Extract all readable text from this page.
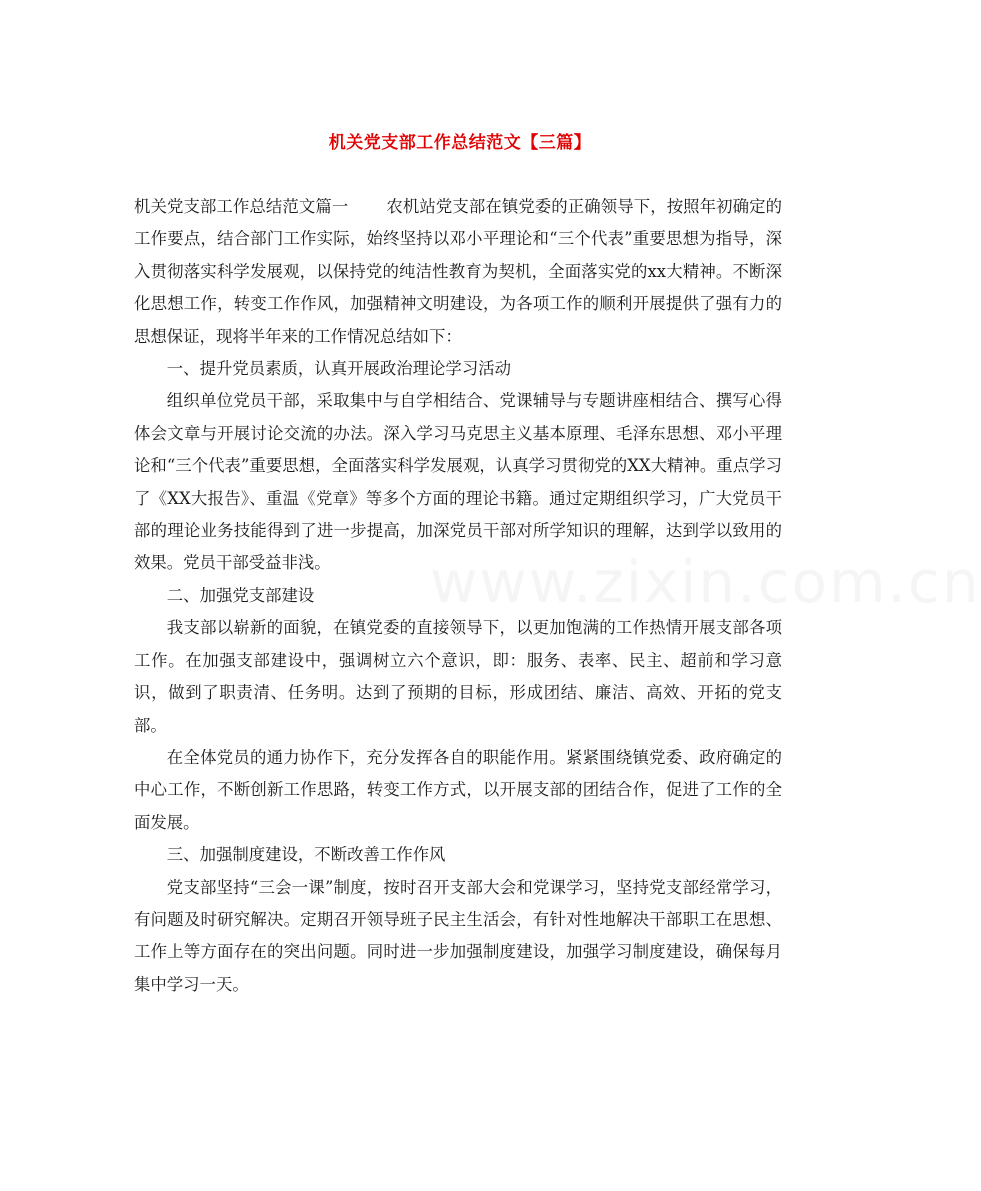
www.zixin.com.cn
机关党支部工作总结范文【三篇】

机关党支部工作总结范文篇一 农机站党支部在镇党委的正确领导下，按照年初确定的工作要点，结合部门工作实际，始终坚持以邓小平理论和“三个代表”重要思想为指导，深入贯彻落实科学发展观，以保持党的纯洁性教育为契机，全面落实党的xx大精神。不断深化思想工作，转变工作作风，加强精神文明建设，为各项工作的顺利开展提供了强有力的思想保证，现将半年来的工作情况总结如下：

一、提升党员素质，认真开展政治理论学习活动

组织单位党员干部，采取集中与自学相结合、党课辅导与专题讲座相结合、撰写心得体会文章与开展讨论交流的办法。深入学习马克思主义基本原理、毛泽东思想、邓小平理论和“三个代表”重要思想，全面落实科学发展观，认真学习贯彻党的XX大精神。重点学习了《XX大报告》、重温《党章》等多个方面的理论书籍。通过定期组织学习，广大党员干部的理论业务技能得到了进一步提高，加深党员干部对所学知识的理解，达到学以致用的效果。党员干部受益非浅。

二、加强党支部建设

我支部以崭新的面貌，在镇党委的直接领导下，以更加饱满的工作热情开展支部各项工作。在加强支部建设中，强调树立六个意识，即：服务、表率、民主、超前和学习意识，做到了职责清、任务明。达到了预期的目标，形成团结、廉洁、高效、开拓的党支部。

在全体党员的通力协作下，充分发挥各自的职能作用。紧紧围绕镇党委、政府确定的中心工作，不断创新工作思路，转变工作方式，以开展支部的团结合作，促进了工作的全面发展。

三、加强制度建设，不断改善工作作风

党支部坚持“三会一课”制度，按时召开支部大会和党课学习，坚持党支部经常学习，有问题及时研究解决。定期召开领导班子民主生活会，有针对性地解决干部职工在思想、工作上等方面存在的突出问题。同时进一步加强制度建设，加强学习制度建设，确保每月集中学习一天。
